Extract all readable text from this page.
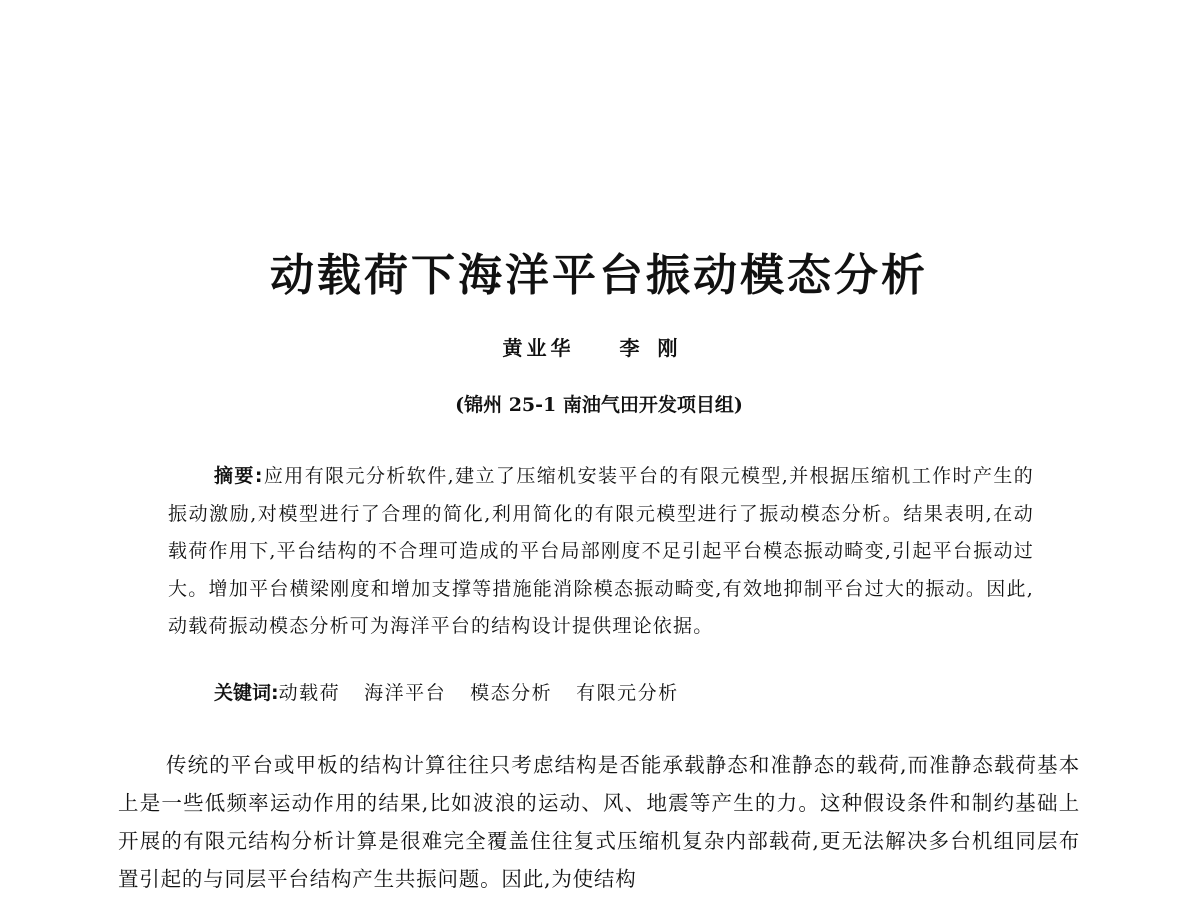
动载荷下海洋平台振动模态分析
黄业华 李刚
(锦州 25-1 南油气田开发项目组)

摘要:应用有限元分析软件,建立了压缩机安装平台的有限元模型,并根据压缩机工作时产生的振动激励,对模型进行了合理的简化,利用简化的有限元模型进行了振动模态分析。结果表明,在动载荷作用下,平台结构的不合理可造成的平台局部刚度不足引起平台模态振动畸变,引起平台振动过大。增加平台横梁刚度和增加支撑等措施能消除模态振动畸变,有效地抑制平台过大的振动。因此,动载荷振动模态分析可为海洋平台的结构设计提供理论依据。

关键词:动载荷 海洋平台 模态分析 有限元分析

传统的平台或甲板的结构计算往往只考虑结构是否能承载静态和准静态的载荷,而准静态载荷基本上是一些低频率运动作用的结果,比如波浪的运动、风、地震等产生的力。这种假设条件和制约基础上开展的有限元结构分析计算是很难完全覆盖住往复式压缩机复杂内部载荷,更无法解决多台机组同层布置引起的与同层平台结构产生共振问题。因此,为使结构
